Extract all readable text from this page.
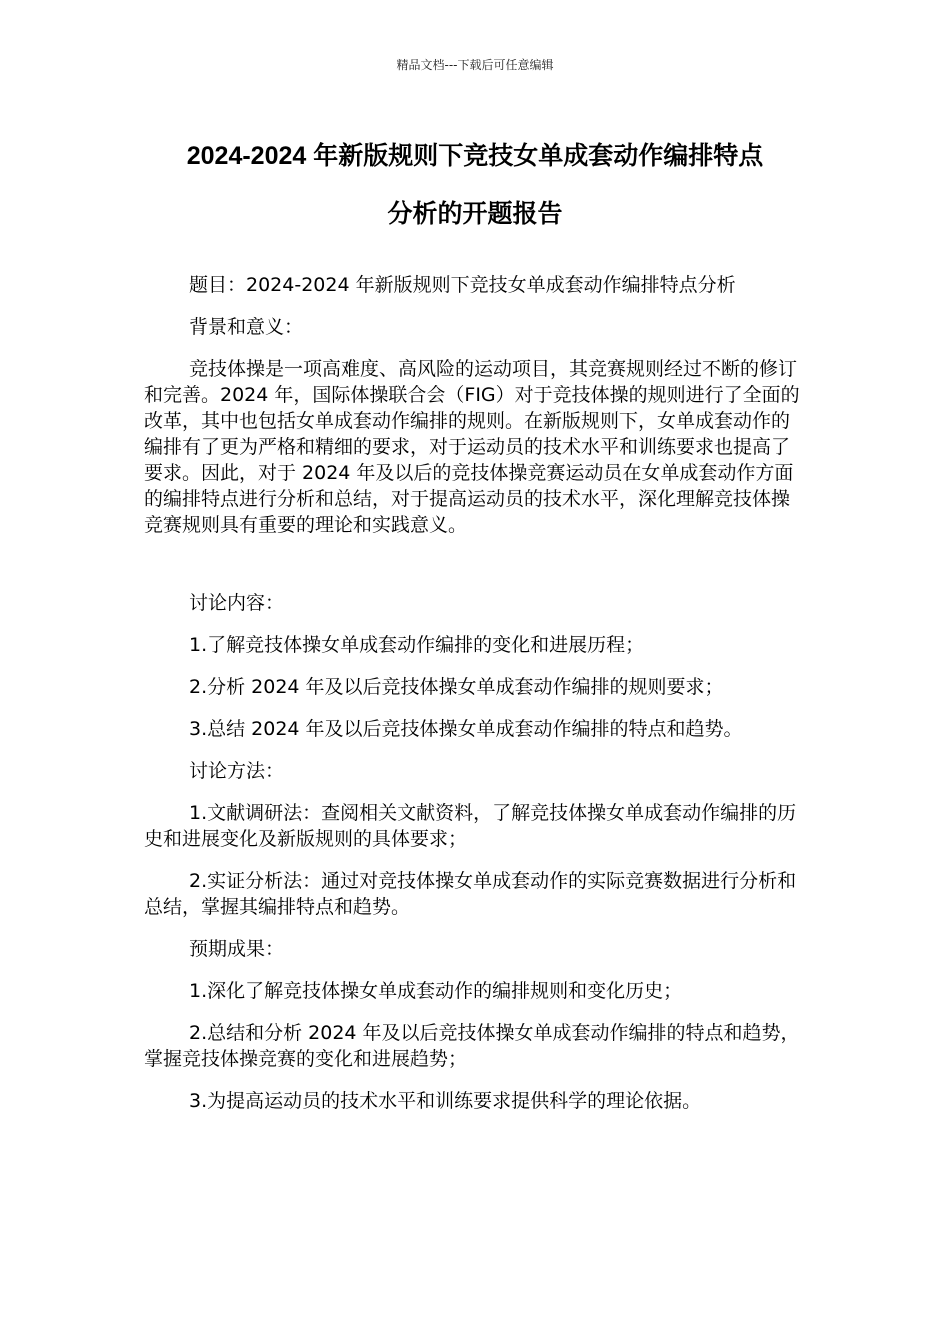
精品文档---下载后可任意编辑
2024-2024 年新版规则下竞技女单成套动作编排特点
分析的开题报告

题目：2024-2024 年新版规则下竞技女单成套动作编排特点分析

背景和意义：

竞技体操是一项高难度、高风险的运动项目，其竞赛规则经过不断的修订和完善。2024 年，国际体操联合会（FIG）对于竞技体操的规则进行了全面的改革，其中也包括女单成套动作编排的规则。在新版规则下，女单成套动作的编排有了更为严格和精细的要求，对于运动员的技术水平和训练要求也提高了要求。因此，对于 2024 年及以后的竞技体操竞赛运动员在女单成套动作方面的编排特点进行分析和总结，对于提高运动员的技术水平，深化理解竞技体操竞赛规则具有重要的理论和实践意义。

讨论内容：

1.了解竞技体操女单成套动作编排的变化和进展历程；

2.分析 2024 年及以后竞技体操女单成套动作编排的规则要求；

3.总结 2024 年及以后竞技体操女单成套动作编排的特点和趋势。

讨论方法：

1.文献调研法：查阅相关文献资料，了解竞技体操女单成套动作编排的历史和进展变化及新版规则的具体要求；

2.实证分析法：通过对竞技体操女单成套动作的实际竞赛数据进行分析和总结，掌握其编排特点和趋势。

预期成果：

1.深化了解竞技体操女单成套动作的编排规则和变化历史；

2.总结和分析 2024 年及以后竞技体操女单成套动作编排的特点和趋势，掌握竞技体操竞赛的变化和进展趋势；

3.为提高运动员的技术水平和训练要求提供科学的理论依据。
